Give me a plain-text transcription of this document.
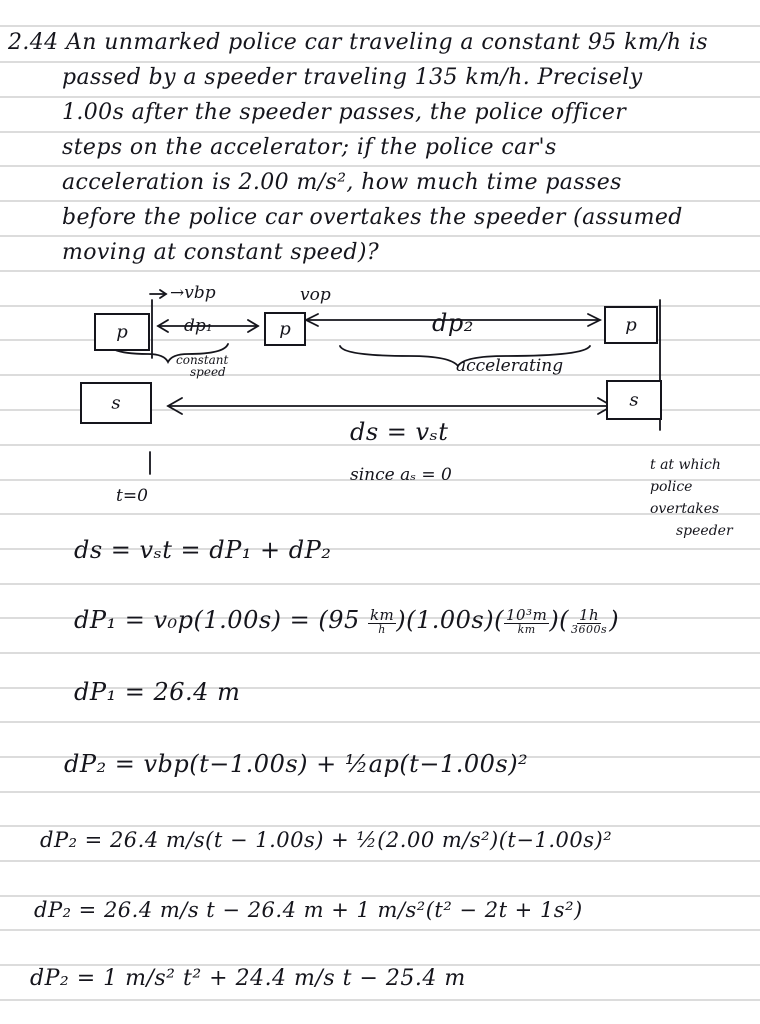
2.44 An unmarked police car traveling a constant 95 km/h is
passed by a speeder traveling 135 km/h. Precisely
1.00s after the speeder passes, the police officer
steps on the accelerator; if the police car's
acceleration is 2.00 m/s², how much time passes
before the police car overtakes the speeder (assumed
moving at constant speed)?
p	p	p
s	s
→vbp	vop
dp₁	dp₂
constant
speed	accelerating
ds = vₛt
since aₛ = 0
t=0
t at which
police
overtakes
speeder
ds = vₛt = dP₁ + dP₂
$dP_1 = v_0p(1.00s) = (95 \frac{km}{h} )(1.00s)( \frac{\text{10³m}}{km}$ )( $\frac{1h}{3600s}$ )
dP₁ = 26.4 m
dP₂ = vbp(t−1.00s) + ½ap(t−1.00s)²
dP₂ = 26.4 m/s(t − 1.00s) + ½(2.00 m/s²)(t−1.00s)²
dP₂ = 26.4 m/s t − 26.4 m + 1 m/s²(t² − 2t + 1s²)
dP₂ = 1 m/s² t² + 24.4 m/s t − 25.4 m
